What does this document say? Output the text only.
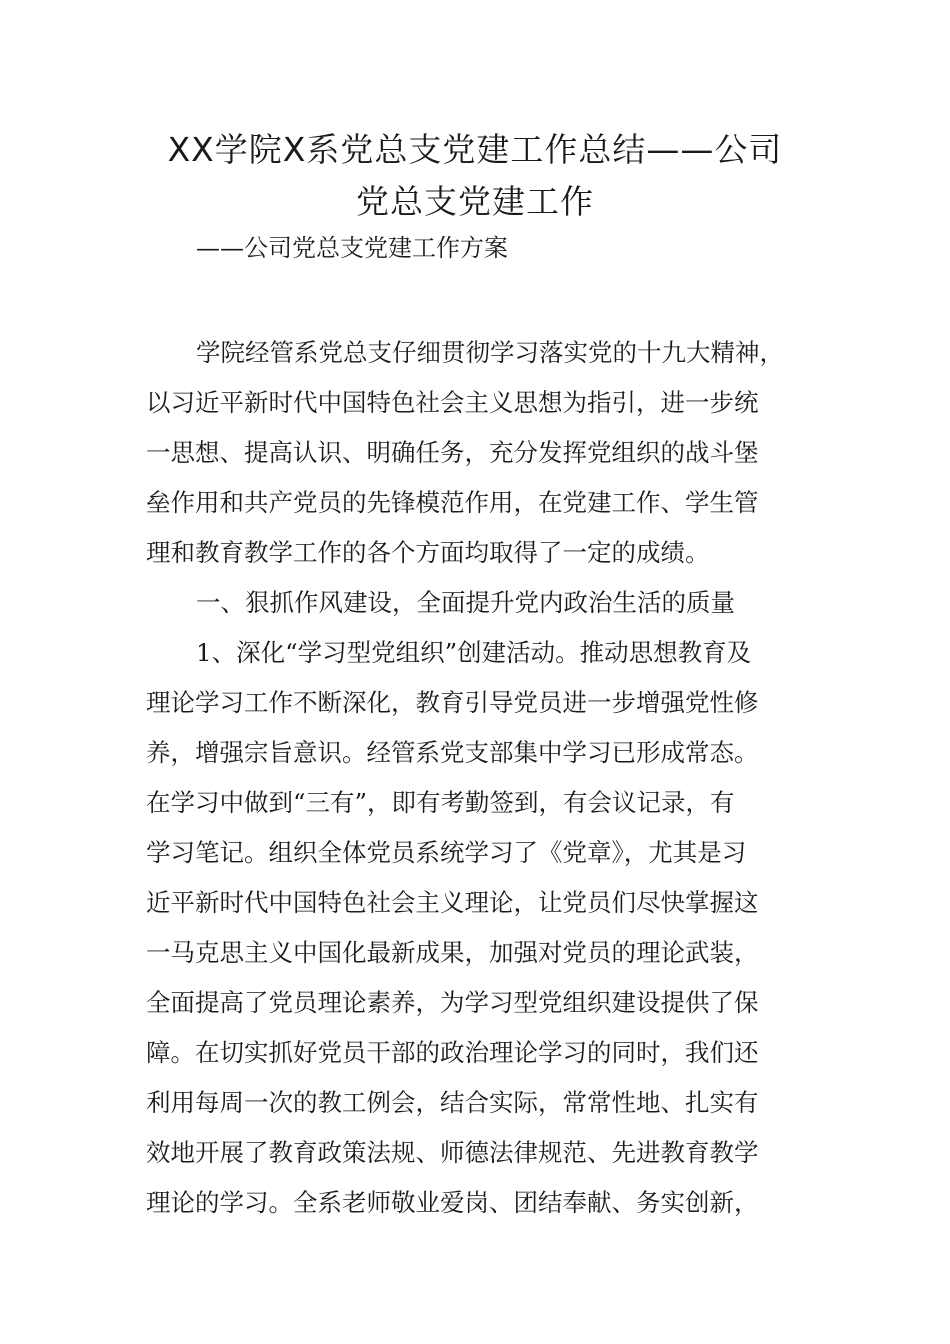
XX学院X系党总支党建工作总结——公司
党总支党建工作

——公司党总支党建工作方案

学院经管系党总支仔细贯彻学习落实党的十九大精神，
以习近平新时代中国特色社会主义思想为指引，进一步统
一思想、提高认识、明确任务，充分发挥党组织的战斗堡
垒作用和共产党员的先锋模范作用，在党建工作、学生管
理和教育教学工作的各个方面均取得了一定的成绩。
一、狠抓作风建设，全面提升党内政治生活的质量
1、深化“学习型党组织”创建活动。推动思想教育及
理论学习工作不断深化，教育引导党员进一步增强党性修
养，增强宗旨意识。经管系党支部集中学习已形成常态。
在学习中做到“三有”，即有考勤签到，有会议记录，有
学习笔记。组织全体党员系统学习了《党章》，尤其是习
近平新时代中国特色社会主义理论，让党员们尽快掌握这
一马克思主义中国化最新成果，加强对党员的理论武装，
全面提高了党员理论素养，为学习型党组织建设提供了保
障。在切实抓好党员干部的政治理论学习的同时，我们还
利用每周一次的教工例会，结合实际，常常性地、扎实有
效地开展了教育政策法规、师德法律规范、先进教育教学
理论的学习。全系老师敬业爱岗、团结奉献、务实创新，
